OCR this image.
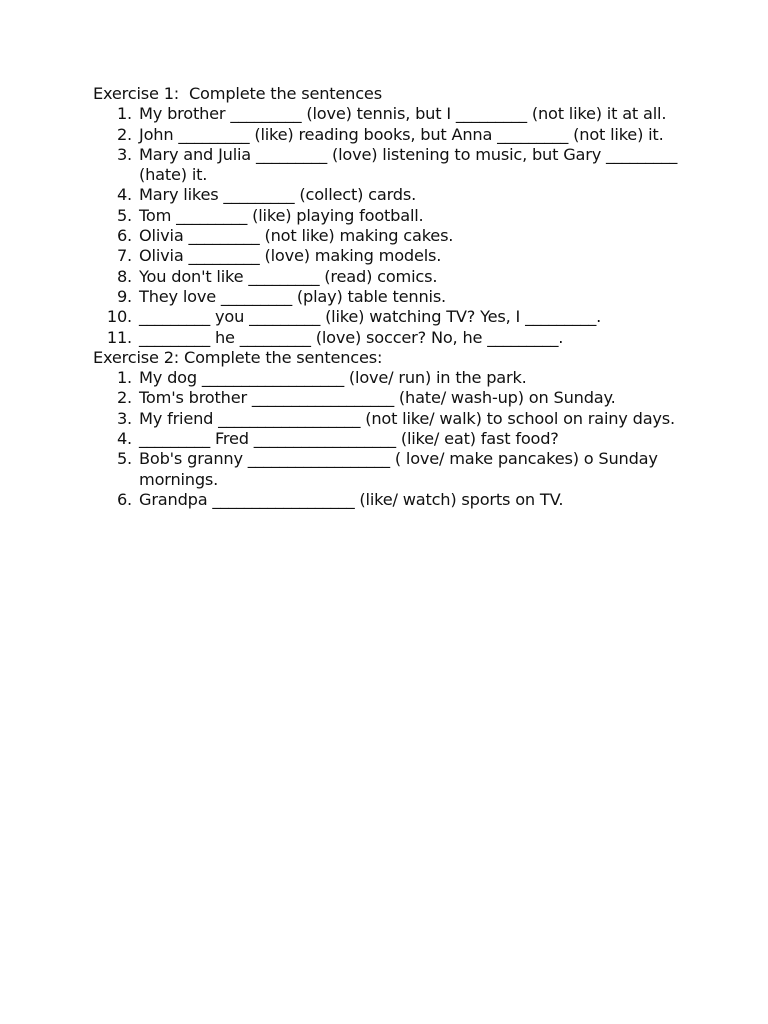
Exercise 1:  Complete the sentences
1. My brother _________ (love) tennis, but I _________ (not like) it at all.
2. John _________ (like) reading books, but Anna _________ (not like) it.
3. Mary and Julia _________ (love) listening to music, but Gary _________ (hate) it.
4. Mary likes _________ (collect) cards.
5. Tom _________ (like) playing football.
6. Olivia _________ (not like) making cakes.
7. Olivia _________ (love) making models.
8. You don't like _________ (read) comics.
9. They love _________ (play) table tennis.
10. _________ you _________ (like) watching TV? Yes, I _________.
11. _________ he _________ (love) soccer? No, he _________.
Exercise 2: Complete the sentences:
1. My dog __________________ (love/ run) in the park.
2. Tom's brother __________________ (hate/ wash-up) on Sunday.
3. My friend __________________ (not like/ walk) to school on rainy days.
4. _________ Fred __________________ (like/ eat) fast food?
5. Bob's granny __________________ ( love/ make pancakes) o Sunday mornings.
6. Grandpa __________________ (like/ watch) sports on TV.
